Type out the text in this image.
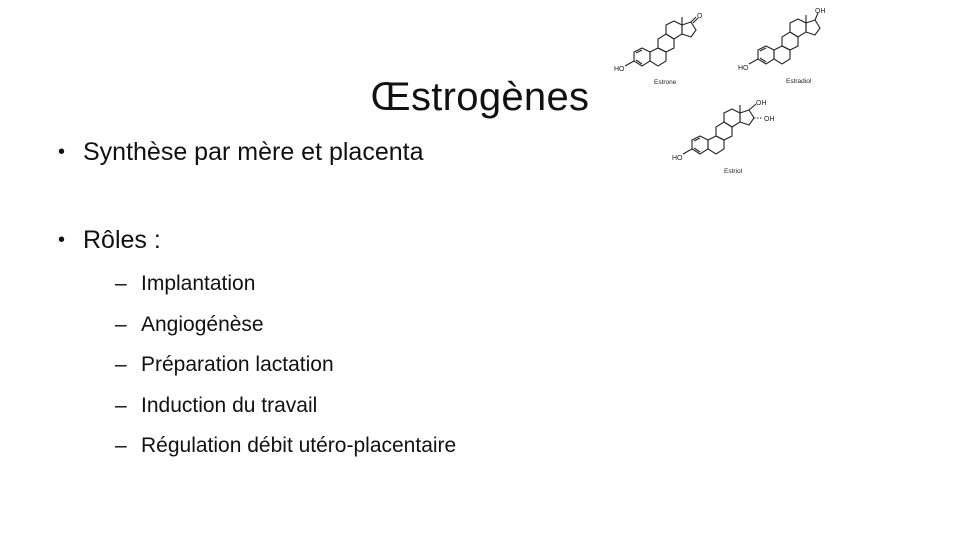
Œstrogènes
• Synthèse par mère et placenta
• Rôles :
– Implantation
– Angiogénèse
– Préparation lactation
– Induction du travail
– Régulation débit utéro-placentaire
HO
O
Estrone
HO
OH
Estradiol
HO
OH
OH
Estriol
